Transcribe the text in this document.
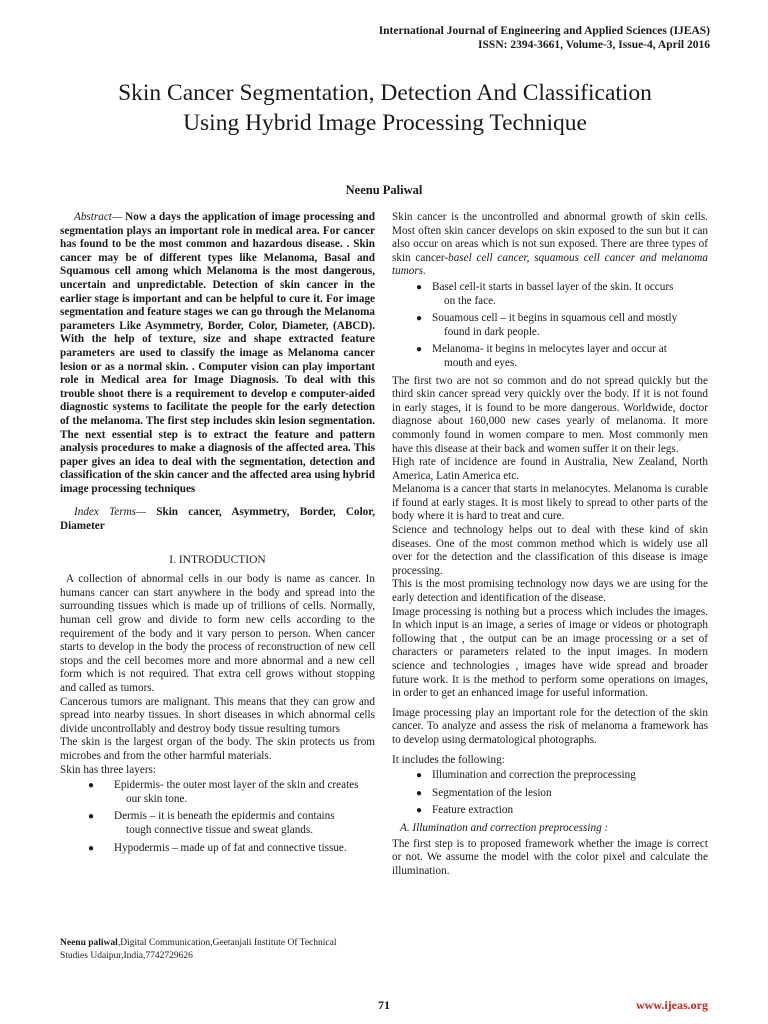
International Journal of Engineering and Applied Sciences (IJEAS)
ISSN: 2394-3661, Volume-3, Issue-4, April 2016
Skin Cancer Segmentation, Detection And Classification Using Hybrid Image Processing Technique
Neenu Paliwal

Abstract— Now a days the application of image processing and segmentation plays an important role in medical area. For cancer has found to be the most common and hazardous disease. . Skin cancer may be of different types like Melanoma, Basal and Squamous cell among which Melanoma is the most dangerous, uncertain and unpredictable. Detection of skin cancer in the earlier stage is important and can be helpful to cure it. For image segmentation and feature stages we can go through the Melanoma parameters Like Asymmetry, Border, Color, Diameter, (ABCD). With the help of texture, size and shape extracted feature parameters are used to classify the image as Melanoma cancer lesion or as a normal skin. . Computer vision can play important role in Medical area for Image Diagnosis. To deal with this trouble shoot there is a requirement to develop e computer-aided diagnostic systems to facilitate the people for the early detection of the melanoma. The first step includes skin lesion segmentation. The next essential step is to extract the feature and pattern analysis procedures to make a diagnosis of the affected area. This paper gives an idea to deal with the segmentation, detection and classification of the skin cancer and the affected area using hybrid image processing techniques

Index Terms— Skin cancer, Asymmetry, Border, Color, Diameter

I. INTRODUCTION

A collection of abnormal cells in our body is name as cancer. In humans cancer can start anywhere in the body and spread into the surrounding tissues which is made up of trillions of cells. Normally, human cell grow and divide to form new cells according to the requirement of the body and it vary person to person. When cancer starts to develop in the body the process of reconstruction of new cell stops and the cell becomes more and more abnormal and a new cell form which is not required. That extra cell grows without stopping and called as tumors.

Cancerous tumors are malignant. This means that they can grow and spread into nearby tissues. In short diseases in which abnormal cells divide uncontrollably and destroy body tissue resulting tumors

The skin is the largest organ of the body. The skin protects us from microbes and from the other harmful materials.

Skin has three layers:

● Epidermis- the outer most layer of the skin and creates
our skin tone.
● Dermis – it is beneath the epidermis and contains
tough connective tissue and sweat glands.
● Hypodermis – made up of fat and connective tissue.
Neenu paliwal,Digital Communication,Geetanjali Institute Of Technical Studies Udaipur,India,7742729626

Skin cancer is the uncontrolled and abnormal growth of skin cells. Most often skin cancer develops on skin exposed to the sun but it can also occur on areas which is not sun exposed. There are three types of skin cancer-basel cell cancer, squamous cell cancer and melanoma tumors.

● Basel cell-it starts in bassel layer of the skin. It occurs
on the face.
● Souamous cell – it begins in squamous cell and mostly
found in dark people.
● Melanoma- it begins in melocytes layer and occur at
mouth and eyes.

The first two are not so common and do not spread quickly but the third skin cancer spread very quickly over the body. If it is not found in early stages, it is found to be more dangerous. Worldwide, doctor diagnose about 160,000 new cases yearly of melanoma. It more commonly found in women compare to men. Most commonly men have this disease at their back and women suffer it on their legs.

High rate of incidence are found in Australia, New Zealand, North America, Latin America etc.

Melanoma is a cancer that starts in melanocytes. Melanoma is curable if found at early stages. It is most likely to spread to other parts of the body where it is hard to treat and cure.

Science and technology helps out to deal with these kind of skin diseases. One of the most common method which is widely use all over for the detection and the classification of this disease is image processing.

This is the most promising technology now days we are using for the early detection and identification of the disease.

Image processing is nothing but a process which includes the images. In which input is an image, a series of image or videos or photograph following that , the output can be an image processing or a set of characters or parameters related to the input images. In modern science and technologies , images have wide spread and broader future work. It is the method to perform some operations on images, in order to get an enhanced image for useful information.

Image processing play an important role for the detection of the skin cancer. To analyze and assess the risk of melanoma a framework has to develop using dermatological photographs.

It includes the following:

● Illumination and correction the preprocessing
● Segmentation of the lesion
● Feature extraction
A. Illumination and correction preprocessing :

The first step is to proposed framework whether the image is correct or not. We assume the model with the color pixel and calculate the illumination.

71	www.ijeas.org
